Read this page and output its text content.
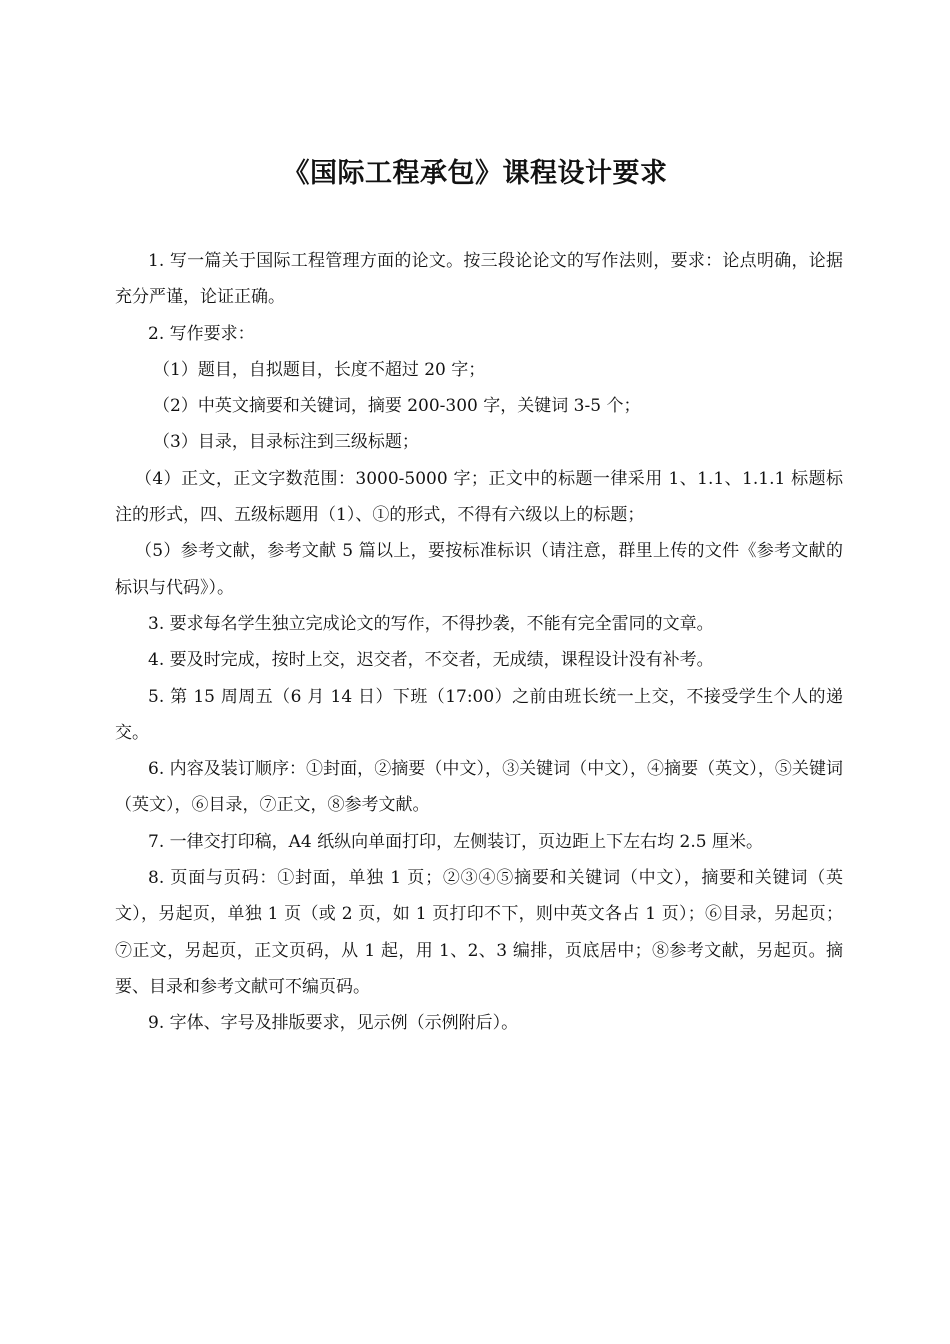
《国际工程承包》课程设计要求

1. 写一篇关于国际工程管理方面的论文。按三段论论文的写作法则，要求：论点明确，论据充分严谨，论证正确。

2. 写作要求：

（1）题目，自拟题目，长度不超过 20 字；

（2）中英文摘要和关键词，摘要 200-300 字，关键词 3-5 个；

（3）目录，目录标注到三级标题；

（4）正文，正文字数范围：3000-5000 字；正文中的标题一律采用 1、1.1、1.1.1 标题标注的形式，四、五级标题用（1）、①的形式，不得有六级以上的标题；

（5）参考文献，参考文献 5 篇以上，要按标准标识（请注意，群里上传的文件《参考文献的标识与代码》）。

3. 要求每名学生独立完成论文的写作，不得抄袭，不能有完全雷同的文章。

4. 要及时完成，按时上交，迟交者，不交者，无成绩，课程设计没有补考。

5. 第 15 周周五（6 月 14 日）下班（17:00）之前由班长统一上交，不接受学生个人的递交。

6. 内容及装订顺序：①封面，②摘要（中文），③关键词（中文），④摘要（英文），⑤关键词（英文），⑥目录，⑦正文，⑧参考文献。

7. 一律交打印稿，A4 纸纵向单面打印，左侧装订，页边距上下左右均 2.5 厘米。

8. 页面与页码：①封面，单独 1 页；②③④⑤摘要和关键词（中文），摘要和关键词（英文），另起页，单独 1 页（或 2 页，如 1 页打印不下，则中英文各占 1 页）；⑥目录，另起页；⑦正文，另起页，正文页码，从 1 起，用 1、2、3 编排，页底居中；⑧参考文献，另起页。摘要、目录和参考文献可不编页码。

9. 字体、字号及排版要求，见示例（示例附后）。
